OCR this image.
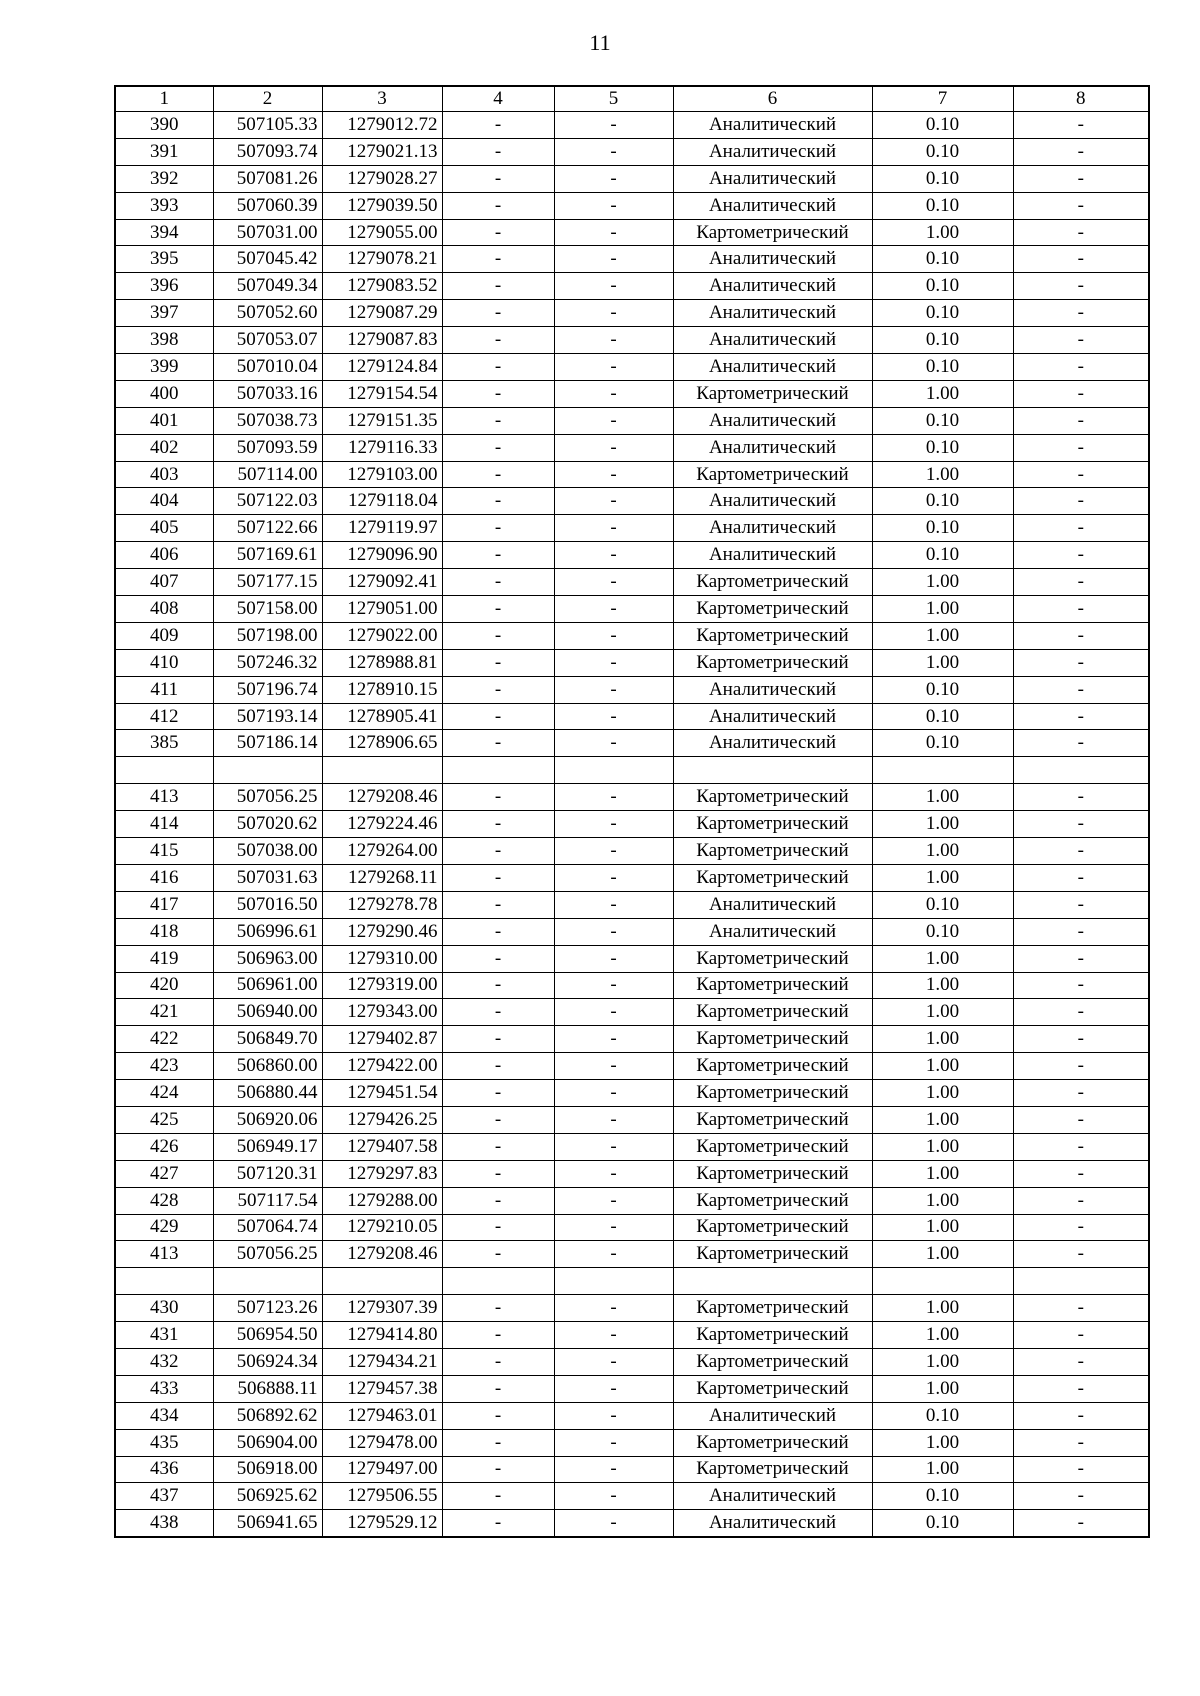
11
1	2	3	4	5	6	7	8
390	507105.33	1279012.72	-	-	Аналитический	0.10	-
391	507093.74	1279021.13	-	-	Аналитический	0.10	-
392	507081.26	1279028.27	-	-	Аналитический	0.10	-
393	507060.39	1279039.50	-	-	Аналитический	0.10	-
394	507031.00	1279055.00	-	-	Картометрический	1.00	-
395	507045.42	1279078.21	-	-	Аналитический	0.10	-
396	507049.34	1279083.52	-	-	Аналитический	0.10	-
397	507052.60	1279087.29	-	-	Аналитический	0.10	-
398	507053.07	1279087.83	-	-	Аналитический	0.10	-
399	507010.04	1279124.84	-	-	Аналитический	0.10	-
400	507033.16	1279154.54	-	-	Картометрический	1.00	-
401	507038.73	1279151.35	-	-	Аналитический	0.10	-
402	507093.59	1279116.33	-	-	Аналитический	0.10	-
403	507114.00	1279103.00	-	-	Картометрический	1.00	-
404	507122.03	1279118.04	-	-	Аналитический	0.10	-
405	507122.66	1279119.97	-	-	Аналитический	0.10	-
406	507169.61	1279096.90	-	-	Аналитический	0.10	-
407	507177.15	1279092.41	-	-	Картометрический	1.00	-
408	507158.00	1279051.00	-	-	Картометрический	1.00	-
409	507198.00	1279022.00	-	-	Картометрический	1.00	-
410	507246.32	1278988.81	-	-	Картометрический	1.00	-
411	507196.74	1278910.15	-	-	Аналитический	0.10	-
412	507193.14	1278905.41	-	-	Аналитический	0.10	-
385	507186.14	1278906.65	-	-	Аналитический	0.10	-

413	507056.25	1279208.46	-	-	Картометрический	1.00	-
414	507020.62	1279224.46	-	-	Картометрический	1.00	-
415	507038.00	1279264.00	-	-	Картометрический	1.00	-
416	507031.63	1279268.11	-	-	Картометрический	1.00	-
417	507016.50	1279278.78	-	-	Аналитический	0.10	-
418	506996.61	1279290.46	-	-	Аналитический	0.10	-
419	506963.00	1279310.00	-	-	Картометрический	1.00	-
420	506961.00	1279319.00	-	-	Картометрический	1.00	-
421	506940.00	1279343.00	-	-	Картометрический	1.00	-
422	506849.70	1279402.87	-	-	Картометрический	1.00	-
423	506860.00	1279422.00	-	-	Картометрический	1.00	-
424	506880.44	1279451.54	-	-	Картометрический	1.00	-
425	506920.06	1279426.25	-	-	Картометрический	1.00	-
426	506949.17	1279407.58	-	-	Картометрический	1.00	-
427	507120.31	1279297.83	-	-	Картометрический	1.00	-
428	507117.54	1279288.00	-	-	Картометрический	1.00	-
429	507064.74	1279210.05	-	-	Картометрический	1.00	-
413	507056.25	1279208.46	-	-	Картометрический	1.00	-

430	507123.26	1279307.39	-	-	Картометрический	1.00	-
431	506954.50	1279414.80	-	-	Картометрический	1.00	-
432	506924.34	1279434.21	-	-	Картометрический	1.00	-
433	506888.11	1279457.38	-	-	Картометрический	1.00	-
434	506892.62	1279463.01	-	-	Аналитический	0.10	-
435	506904.00	1279478.00	-	-	Картометрический	1.00	-
436	506918.00	1279497.00	-	-	Картометрический	1.00	-
437	506925.62	1279506.55	-	-	Аналитический	0.10	-
438	506941.65	1279529.12	-	-	Аналитический	0.10	-
